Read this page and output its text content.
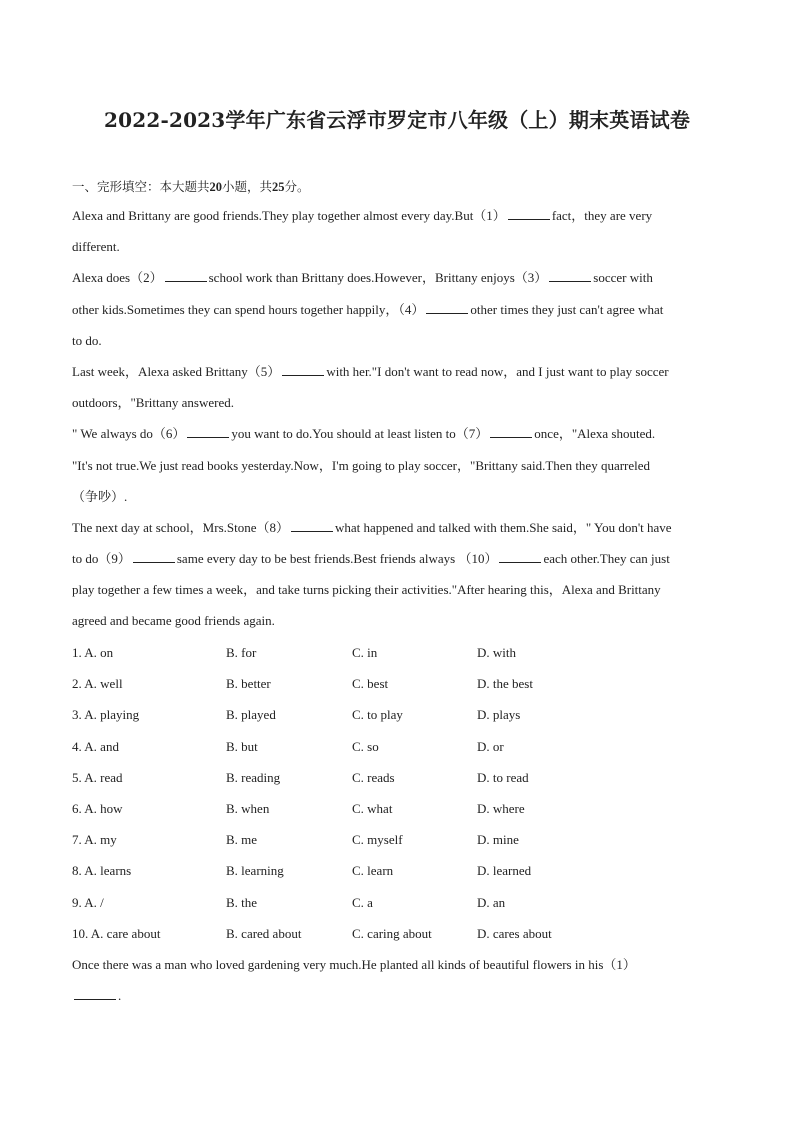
2022-2023学年广东省云浮市罗定市八年级（上）期末英语试卷
一、完形填空：本大题共20小题，共25分。
Alexa and Brittany are good friends.They play together almost every day.But（1）	fact，they are very
different.
Alexa does（2）	school work than Brittany does.However，Brittany enjoys（3）	soccer with
other kids.Sometimes they can spend hours together happily，（4）	other times they just can't agree what
to do.
Last week，Alexa asked Brittany（5）	with her."I don't want to read now，and I just want to play soccer
outdoors，"Brittany answered.
" We always do（6）	you want to do.You should at least listen to（7）	once，"Alexa shouted.
"It's not true.We just read books yesterday.Now，I'm going to play soccer，"Brittany said.Then they quarreled
（争吵）.
The next day at school，Mrs.Stone（8）	what happened and talked with them.She said，" You don't have
to do（9）	same every day to be best friends.Best friends always （10）	each other.They can just
play together a few times a week，and take turns picking their activities."After hearing this，Alexa and Brittany
agreed and became good friends again.
1. A. on	B. for	C. in	D. with
2. A. well	B. better	C. best	D. the best
3. A. playing	B. played	C. to play	D. plays
4. A. and	B. but	C. so	D. or
5. A. read	B. reading	C. reads	D. to read
6. A. how	B. when	C. what	D. where
7. A. my	B. me	C. myself	D. mine
8. A. learns	B. learning	C. learn	D. learned
9. A. /	B. the	C. a	D. an
10. A. care about	B. cared about	C. caring about	D. cares about
Once there was a man who loved gardening very much.He planted all kinds of beautiful flowers in his（1）
.
